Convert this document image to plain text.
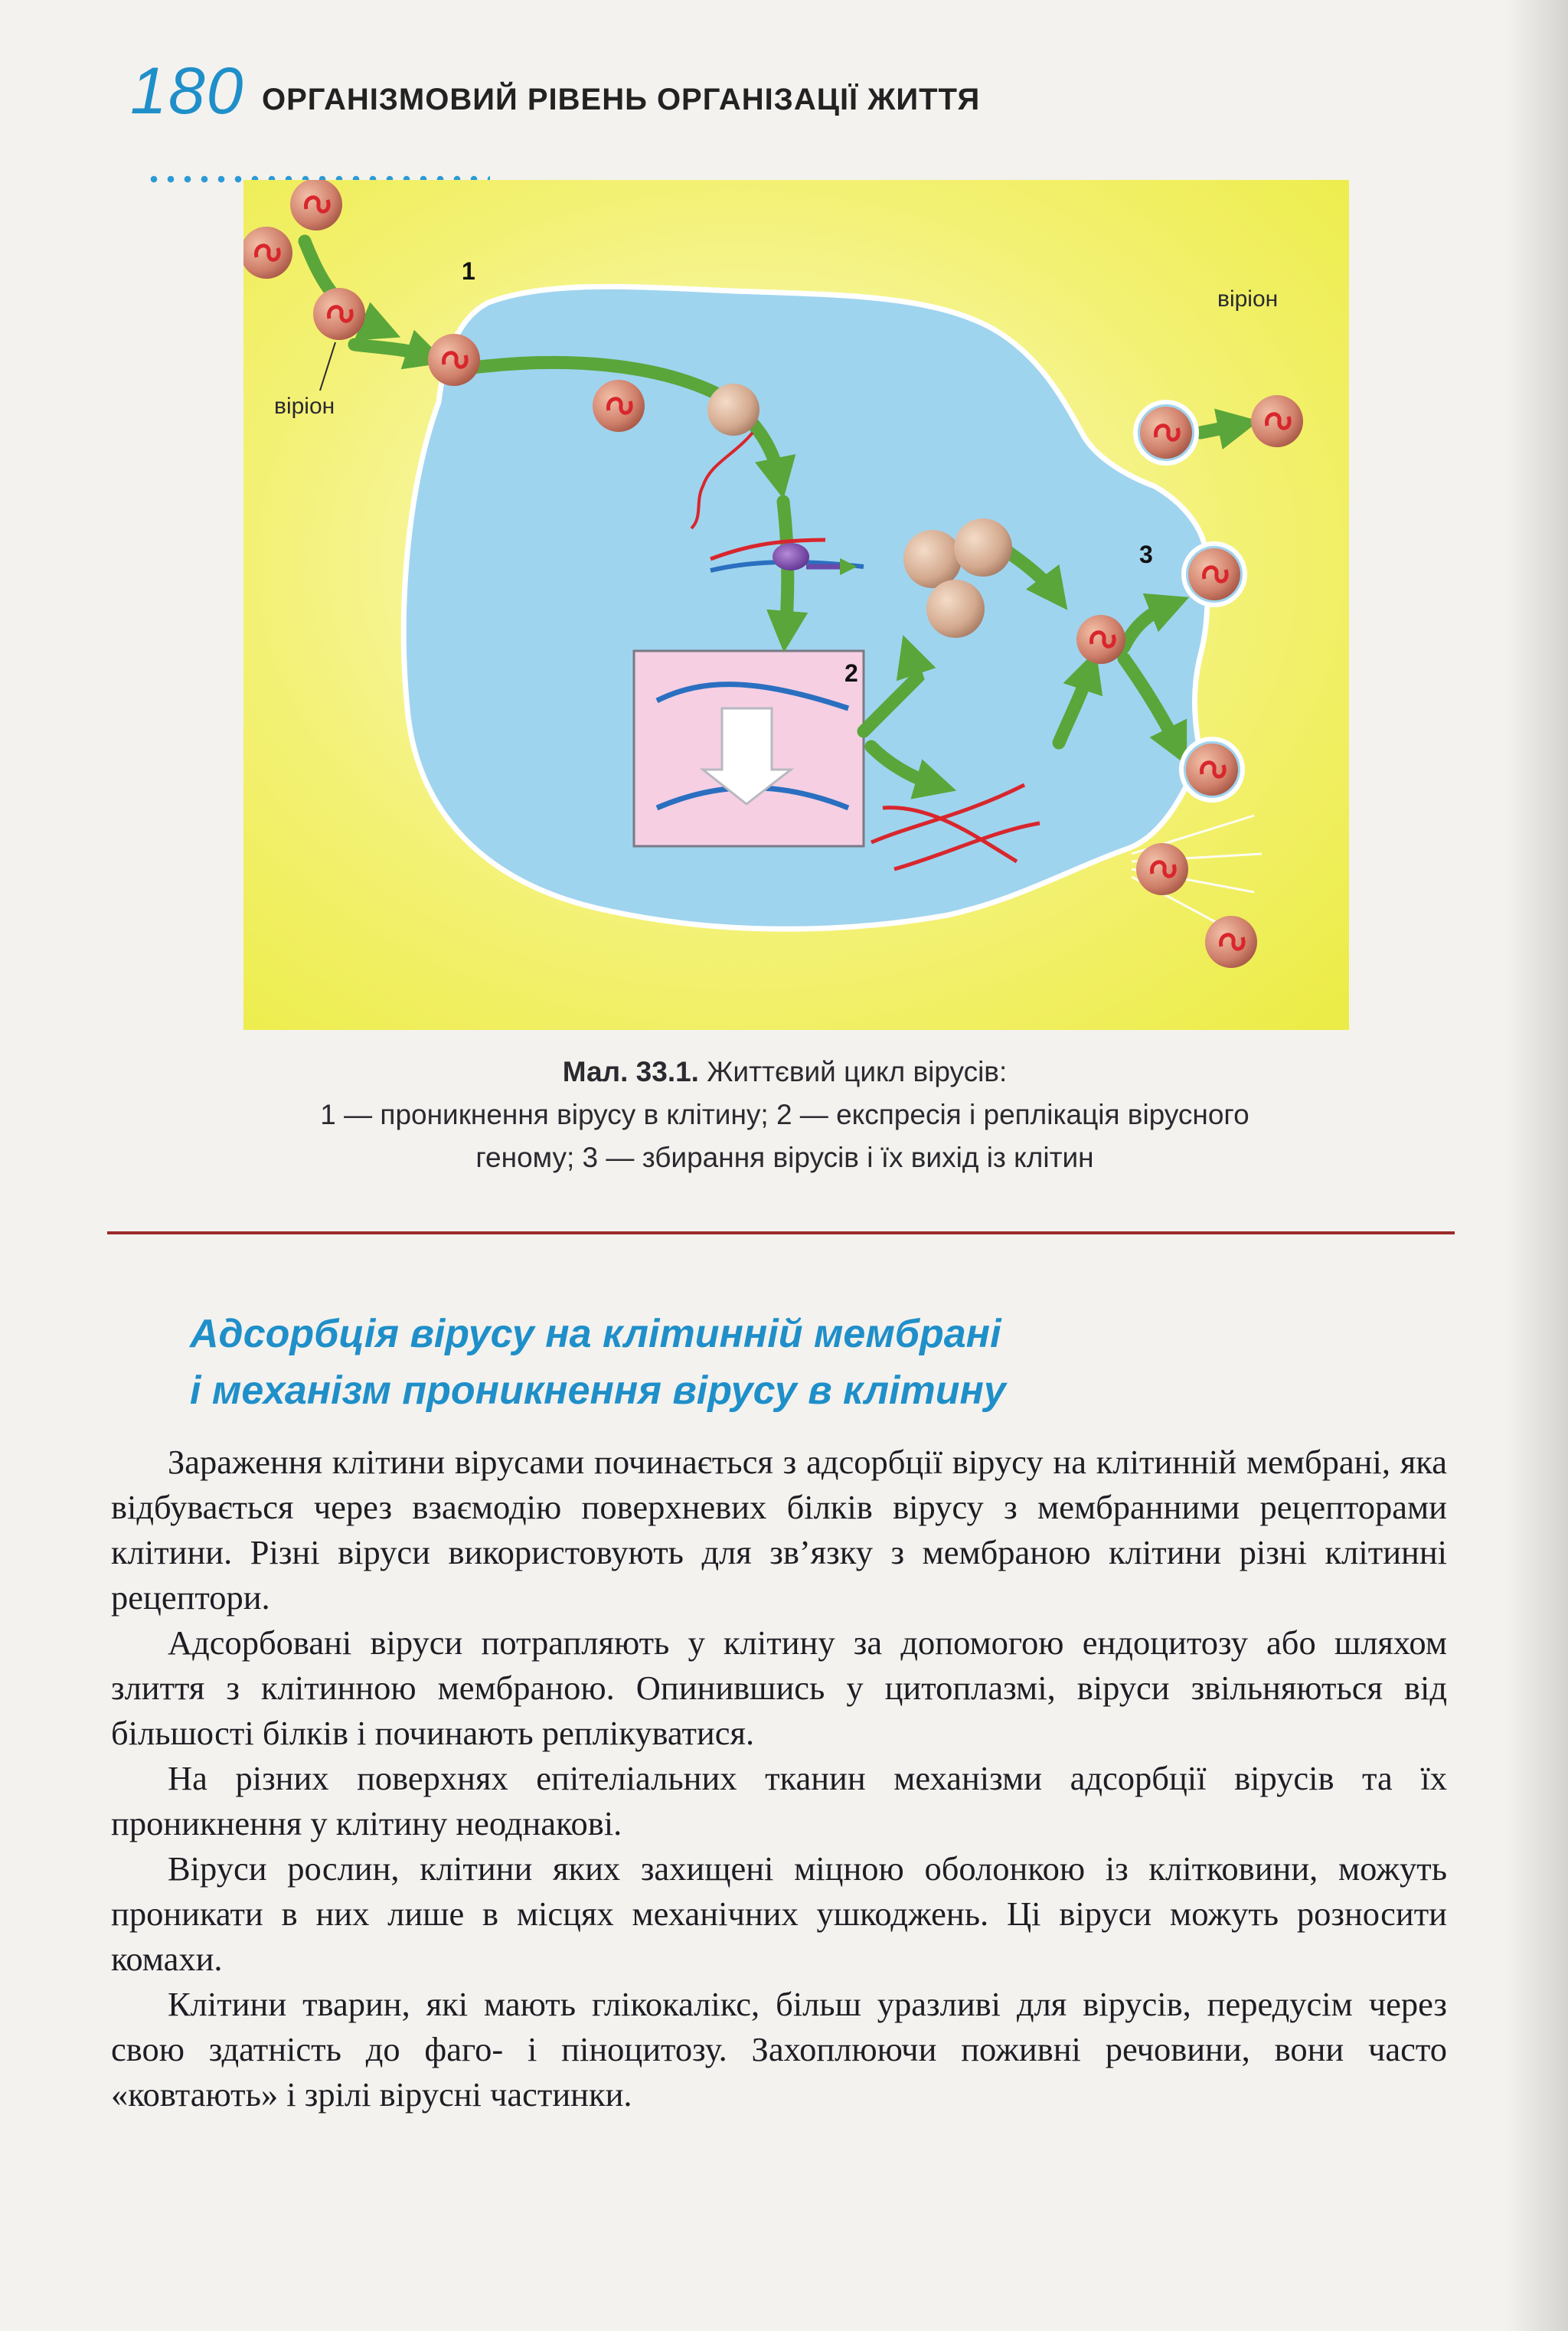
180 ОРГАНІЗМОВИЙ РІВЕНЬ ОРГАНІЗАЦІЇ ЖИТТЯ
віріон
віріон
1
2
3
Мал. 33.1. Життєвий цикл вірусів:
1 — проникнення вірусу в клітину; 2 — експресія і реплікація вірусного
геному; 3 — збирання вірусів і їх вихід із клітин
Адсорбція вірусу на клітинній мембрані
і механізм проникнення вірусу в клітину

Зараження клітини вірусами починається з адсорбції вірусу на клітинній мембрані, яка відбувається через взаємодію поверхневих білків вірусу з мембранними рецепторами клітини. Різні віруси використовують для зв’язку з мембраною клітини різні клітинні рецептори.

Адсорбовані віруси потрапляють у клітину за допомогою ендоцитозу або шляхом злиття з клітинною мембраною. Опинившись у цитоплазмі, віруси звільняються від більшості білків і починають реплікуватися.

На різних поверхнях епітеліальних тканин механізми адсорбції вірусів та їх проникнення у клітину неоднакові.

Віруси рослин, клітини яких захищені міцною оболонкою із клітковини, можуть проникати в них лише в місцях механічних ушкоджень. Ці віруси можуть розносити комахи.

Клітини тварин, які мають глікокалікс, більш уразливі для вірусів, передусім через свою здатність до фаго- і піноцитозу. Захоплюючи поживні речовини, вони часто «ковтають» і зрілі вірусні частинки.
